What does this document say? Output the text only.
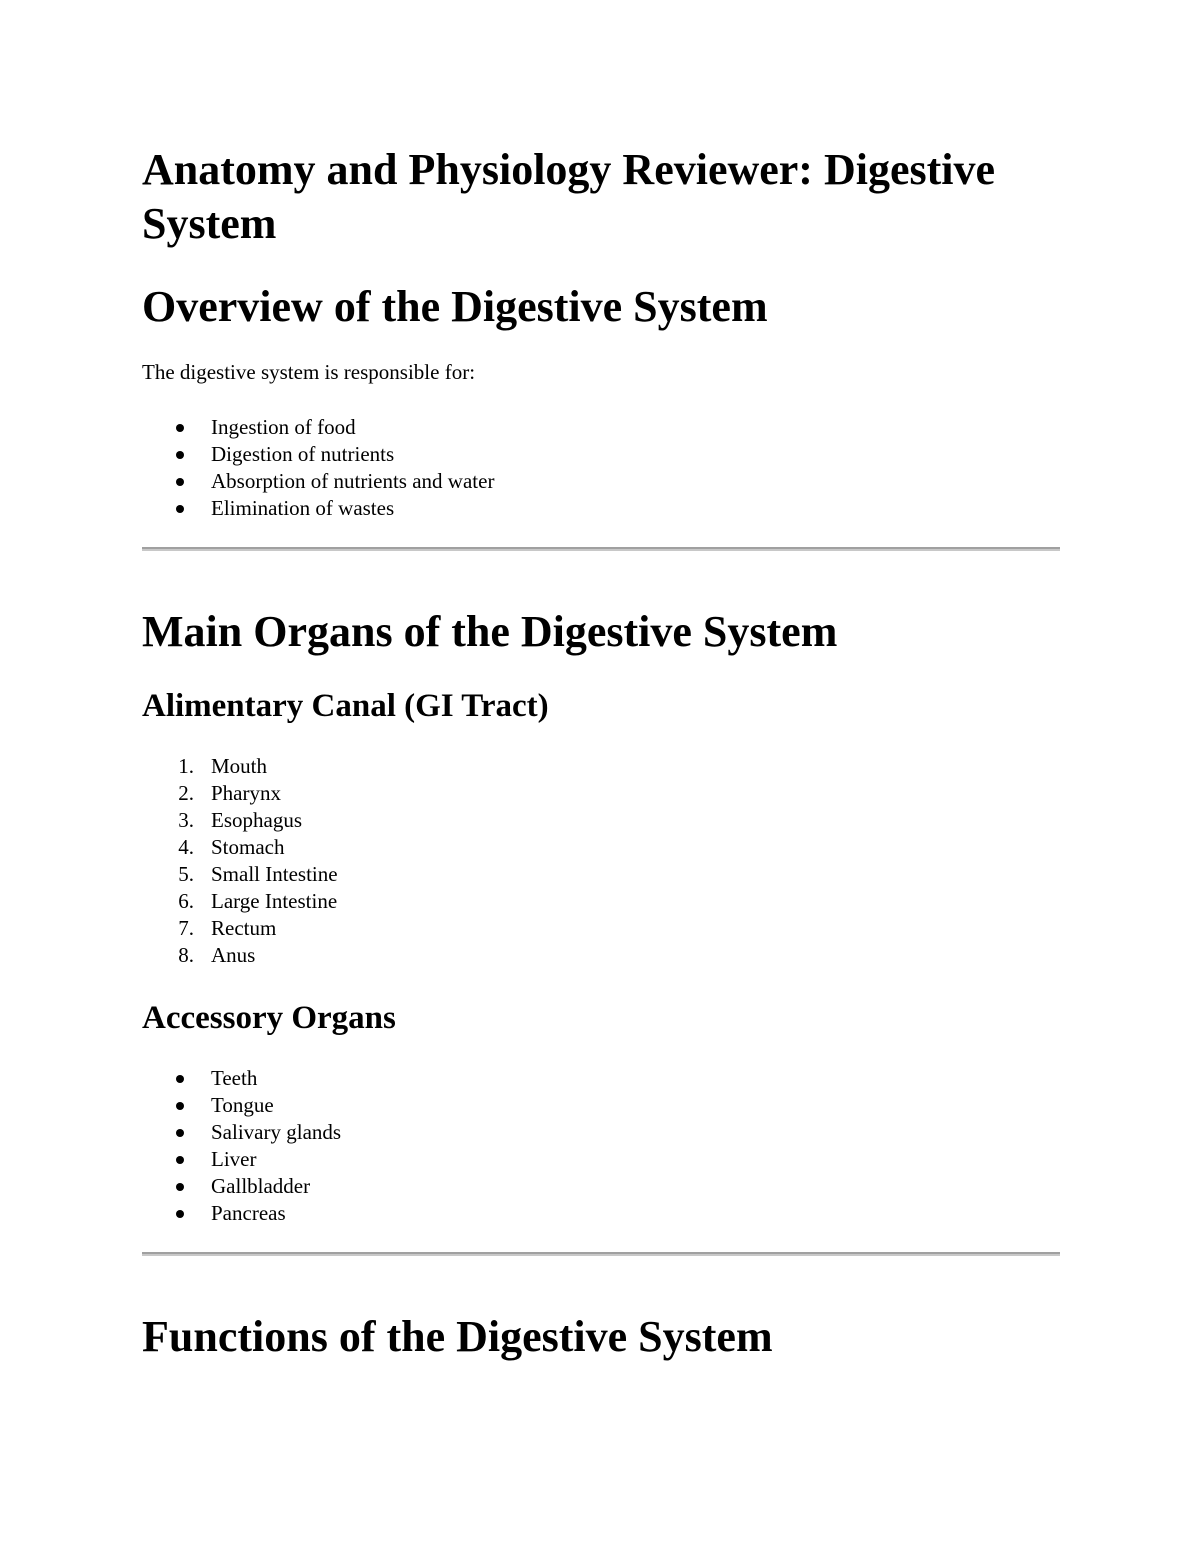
Anatomy and Physiology Reviewer: Digestive System
Overview of the Digestive System

The digestive system is responsible for:

Ingestion of food
Digestion of nutrients
Absorption of nutrients and water
Elimination of wastes
Main Organs of the Digestive System
Alimentary Canal (GI Tract)
1. Mouth
2. Pharynx
3. Esophagus
4. Stomach
5. Small Intestine
6. Large Intestine
7. Rectum
8. Anus
Accessory Organs
Teeth
Tongue
Salivary glands
Liver
Gallbladder
Pancreas
Functions of the Digestive System
